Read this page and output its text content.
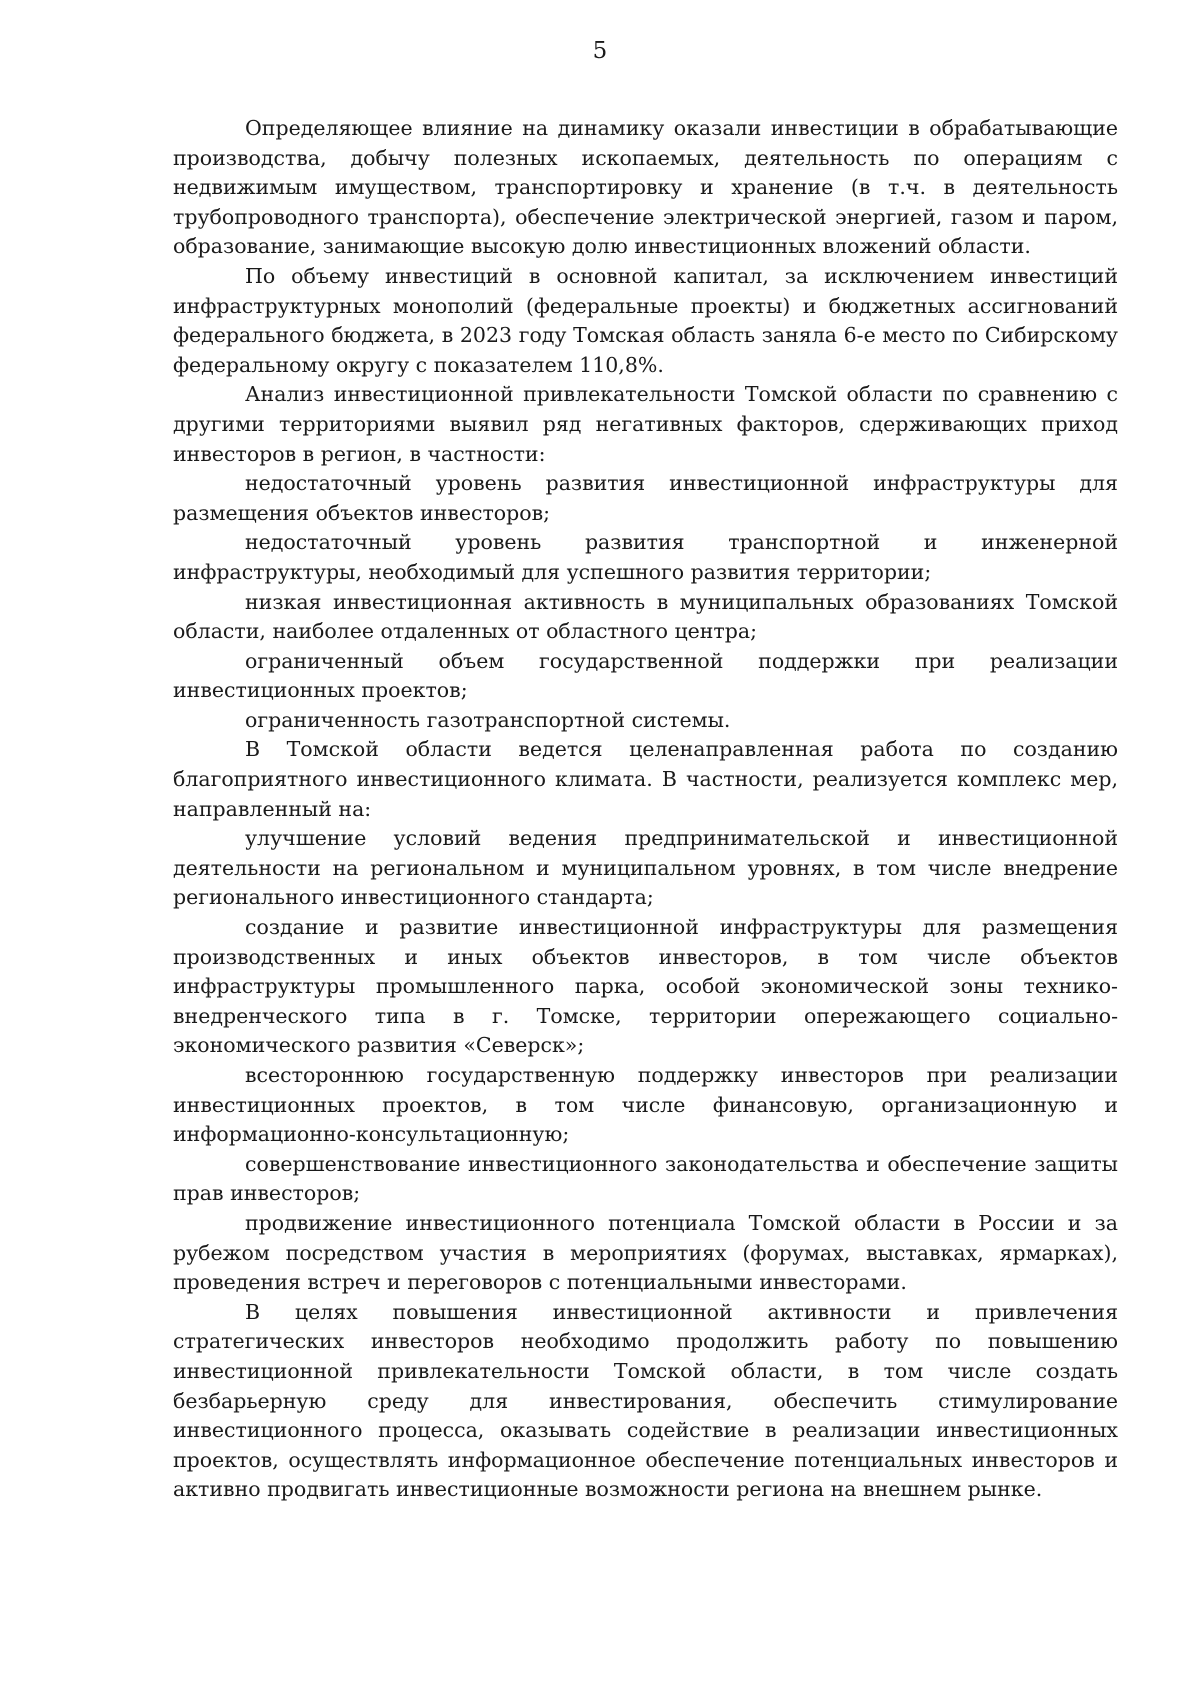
5

Определяющее влияние на динамику оказали инвестиции в обрабатывающие производства, добычу полезных ископаемых, деятельность по операциям с недвижимым имуществом, транспортировку и хранение (в т.ч. в деятельность трубопроводного транспорта), обеспечение электрической энергией, газом и паром, образование, занимающие высокую долю инвестиционных вложений области.

По объему инвестиций в основной капитал, за исключением инвестиций инфраструктурных монополий (федеральные проекты) и бюджетных ассигнований федерального бюджета, в 2023 году Томская область заняла 6-е место по Сибирскому федеральному округу с показателем 110,8%.

Анализ инвестиционной привлекательности Томской области по сравнению с другими территориями выявил ряд негативных факторов, сдерживающих приход инвесторов в регион, в частности:

недостаточный уровень развития инвестиционной инфраструктуры для размещения объектов инвесторов;

недостаточный уровень развития транспортной и инженерной инфраструктуры, необходимый для успешного развития территории;

низкая инвестиционная активность в муниципальных образованиях Томской области, наиболее отдаленных от областного центра;

ограниченный объем государственной поддержки при реализации инвестиционных проектов;

ограниченность газотранспортной системы.

В Томской области ведется целенаправленная работа по созданию благоприятного инвестиционного климата. В частности, реализуется комплекс мер, направленный на:

улучшение условий ведения предпринимательской и инвестиционной деятельности на региональном и муниципальном уровнях, в том числе внедрение регионального инвестиционного стандарта;

создание и развитие инвестиционной инфраструктуры для размещения производственных и иных объектов инвесторов, в том числе объектов инфраструктуры промышленного парка, особой экономической зоны технико-внедренческого типа в г. Томске, территории опережающего социально-экономического развития «Северск»;

всестороннюю государственную поддержку инвесторов при реализации инвестиционных проектов, в том числе финансовую, организационную и информационно-консультационную;

совершенствование инвестиционного законодательства и обеспечение защиты прав инвесторов;

продвижение инвестиционного потенциала Томской области в России и за рубежом посредством участия в мероприятиях (форумах, выставках, ярмарках), проведения встреч и переговоров с потенциальными инвесторами.

В целях повышения инвестиционной активности и привлечения стратегических инвесторов необходимо продолжить работу по повышению инвестиционной привлекательности Томской области, в том числе создать безбарьерную среду для инвестирования, обеспечить стимулирование инвестиционного процесса, оказывать содействие в реализации инвестиционных проектов, осуществлять информационное обеспечение потенциальных инвесторов и активно продвигать инвестиционные возможности региона на внешнем рынке.
